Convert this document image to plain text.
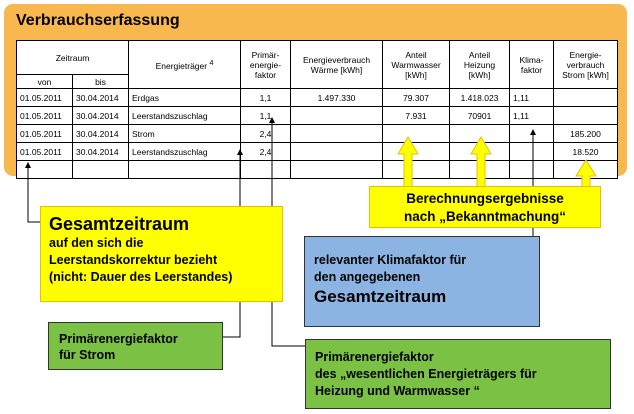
Verbrauchserfassung
Zeitraum		Energieträger $^4$	Primär-energie-faktor	Energieverbrauch Wärme [kWh]	Anteil Warmwasser [kWh]	Anteil Heizung [kWh]	Klima-faktor	Energie-verbrauch Strom [kWh]
von	bis							
01.05.2011	30.04.2014	Erdgas	1,1	1.497.330	79.307	1.418.023	1,11	
01.05.2011	30.04.2014	Leerstandszuschlag	1,1		7.931	70901	1,11	
01.05.2011	30.04.2014	Strom	2,4					185.200
01.05.2011	30.04.2014	Leerstandszuschlag	2,4					18.520

Berechnungsergebnisse
nach „Bekanntmachung“
Gesamtzeitraum
auf den sich die
Leerstandskorrektur bezieht
(nicht: Dauer des Leerstandes)
relevanter Klimafaktor für
den angegebenen
Gesamtzeitraum
Primärenergiefaktor
für Strom	Primärenergiefaktor
des „wesentlichen Energieträgers für
Heizung und Warmwasser “
